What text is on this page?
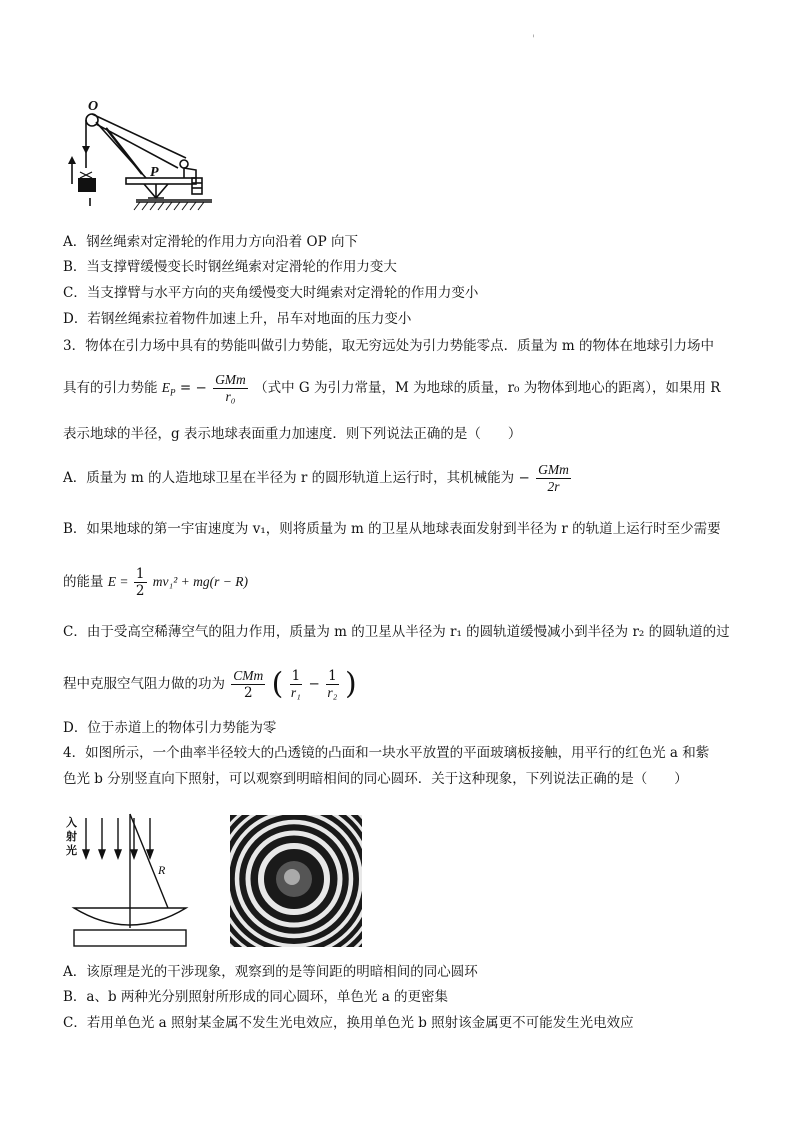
'
O
P
A．钢丝绳索对定滑轮的作用力方向沿着 OP 向下
B．当支撑臂缓慢变长时钢丝绳索对定滑轮的作用力变大
C．当支撑臂与水平方向的夹角缓慢变大时绳索对定滑轮的作用力变小
D．若钢丝绳索拉着物件加速上升，吊车对地面的压力变小
3．物体在引力场中具有的势能叫做引力势能，取无穷远处为引力势能零点．质量为 m 的物体在地球引力场中
具有的引力势能 $E_P$ = − $\frac{\text{GMm}}{\text{r₀}}$ （式中 G 为引力常量，M 为地球的质量，r₀ 为物体到地心的距离），如果用 R
表示地球的半径，g 表示地球表面重力加速度．则下列说法正确的是（　　）
A．质量为 m 的人造地球卫星在半径为 r 的圆形轨道上运行时，其机械能为 − $\frac{\text{GMm}}{2r}$
B．如果地球的第一宇宙速度为 v₁，则将质量为 m 的卫星从地球表面发射到半径为 r 的轨道上运行时至少需要
的能量 $E = \frac{1}{2} mv_1^2 + mg(r - R)$
C．由于受高空稀薄空气的阻力作用，质量为 m 的卫星从半径为 r₁ 的圆轨道缓慢减小到半径为 r₂ 的圆轨道的过
程中克服空气阻力做的功为 $\frac{\text{CMm}}{2}$ ( $\frac{1}{\text{r₁}} - \frac{1}{\text{r₂}}$ )
D．位于赤道上的物体引力势能为零
4．如图所示，一个曲率半径较大的凸透镜的凸面和一块水平放置的平面玻璃板接触，用平行的红色光 a 和紫
色光 b 分别竖直向下照射，可以观察到明暗相间的同心圆环．关于这种现象，下列说法正确的是（　　）
R
入射光
A．该原理是光的干涉现象，观察到的是等间距的明暗相间的同心圆环
B．a、b 两种光分别照射所形成的同心圆环，单色光 a 的更密集
C．若用单色光 a 照射某金属不发生光电效应，换用单色光 b 照射该金属更不可能发生光电效应
